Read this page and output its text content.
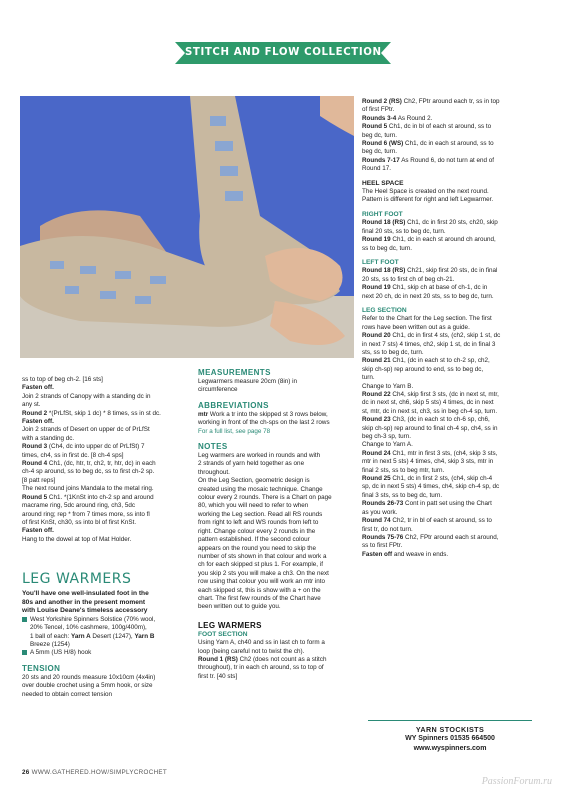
STITCH AND FLOW COLLECTION

ss to top of beg ch-2. [16 sts]

Fasten off.

Join 2 strands of Canopy with a standing dc in

any st.

Round 2 *(PrLfSt, skip 1 dc) * 8 times, ss in st dc.

Fasten off.

Join 2 strands of Desert on upper dc of PrLfSt

with a standing dc.

Round 3 (Ch4, dc into upper dc of PrLfSt) 7

times, ch4, ss in first dc. [8 ch-4 sps]

Round 4 Ch1, (dc, htr, tr, ch2, tr, htr, dc) in each

ch-4 sp around, ss to beg dc, ss to first ch-2 sp.

[8 patt reps]

The next round joins Mandala to the metal ring.

Round 5 Ch1. *(1KnSt into ch-2 sp and around

macrame ring, 5dc around ring, ch3, 5dc

around ring; rep * from 7 times more, ss into fl

of first KnSt, ch30, ss into bl of first KnSt.

Fasten off.

Hang to the dowel at top of Mat Holder.

LEG WARMERS

You'll have one well-insulated foot in the

80s and another in the present moment

with Louise Deane's timeless accessory

West Yorkshire Spinners Solstice (70% wool,

20% Tencel, 10% cashmere, 100g/400m),

1 ball of each: Yarn A Desert (1247), Yarn B

Breeze (1254)

A 5mm (US H/8) hook

TENSION

20 sts and 20 rounds measure 10x10cm (4x4in)

over double crochet using a 5mm hook, or size

needed to obtain correct tension

MEASUREMENTS

Legwarmers measure 20cm (8in) in

circumference

ABBREVIATIONS

mtr Work a tr into the skipped st 3 rows below,

working in front of the ch-sps on the last 2 rows

For a full list, see page 78

NOTES

Leg warmers are worked in rounds and with

2 strands of yarn held together as one

throughout.

On the Leg Section, geometric design is

created using the mosaic technique. Change

colour every 2 rounds. There is a Chart on page

80, which you will need to refer to when

working the Leg section. Read all RS rounds

from right to left and WS rounds from left to

right. Change colour every 2 rounds in the

pattern established. If the second colour

appears on the round you need to skip the

number of sts shown in that colour and work a

ch for each skipped st plus 1. For example, if

you skip 2 sts you will make a ch3. On the next

row using that colour you will work an mtr into

each skipped st, this is show with a + on the

chart. The first few rounds of the Chart have

been written out to guide you.

LEG WARMERS

FOOT SECTION

Using Yarn A, ch40 and ss in last ch to form a

loop (being careful not to twist the ch).

Round 1 (RS) Ch2 (does not count as a stitch

throughout), tr in each ch around, ss to top of

first tr. [40 sts]

Round 2 (RS) Ch2, FPtr around each tr, ss in top

of first FPtr.

Rounds 3-4 As Round 2.

Round 5 Ch1, dc in bl of each st around, ss to

beg dc, turn.

Round 6 (WS) Ch1, dc in each st around, ss to

beg dc, turn.

Rounds 7-17 As Round 6, do not turn at end of

Round 17.

HEEL SPACE

The Heel Space is created on the next round.

Pattern is different for right and left Legwarmer.

RIGHT FOOT

Round 18 (RS) Ch1, dc in first 20 sts, ch20, skip

final 20 sts, ss to beg dc, turn.

Round 19 Ch1, dc in each st around ch around,

ss to beg dc, turn.

LEFT FOOT

Round 18 (RS) Ch21, skip first 20 sts, dc in final

20 sts, ss to first ch of beg ch-21.

Round 19 Ch1, skip ch at base of ch-1, dc in

next 20 ch, dc in next 20 sts, ss to beg dc, turn.

LEG SECTION

Refer to the Chart for the Leg section. The first

rows have been written out as a guide.

Round 20 Ch1, dc in first 4 sts, (ch2, skip 1 st, dc

in next 7 sts) 4 times, ch2, skip 1 st, dc in final 3

sts, ss to beg dc, turn.

Round 21 Ch1, (dc in each st to ch-2 sp, ch2,

skip ch-sp) rep around to end, ss to beg dc,

turn.

Change to Yarn B.

Round 22 Ch4, skip first 3 sts, (dc in next st, mtr,

dc in next st, ch6, skip 5 sts) 4 times, dc in next

st, mtr, dc in next st, ch3, ss in beg ch-4 sp, turn.

Round 23 Ch3, (dc in each st to ch-6 sp, ch6,

skip ch-sp) rep around to final ch-4 sp, ch4, ss in

beg ch-3 sp, turn.

Change to Yarn A.

Round 24 Ch1, mtr in first 3 sts, (ch4, skip 3 sts,

mtr in next 5 sts) 4 times, ch4, skip 3 sts, mtr in

final 2 sts, ss to beg mtr, turn.

Round 25 Ch1, dc in first 2 sts, (ch4, skip ch-4

sp, dc in next 5 sts) 4 times, ch4, skip ch-4 sp, dc

final 3 sts, ss to beg dc, turn.

Rounds 26-73 Cont in patt set using the Chart

as you work.

Round 74 Ch2, tr in bl of each st around, ss to

first tr, do not turn.

Rounds 75-76 Ch2, FPtr around each st around,

ss to first FPtr.

Fasten off and weave in ends.

YARN STOCKISTS
WY Spinners 01535 664500
www.wyspinners.com
26 WWW.GATHERED.HOW/SIMPLYCROCHET
PassionForum.ru
